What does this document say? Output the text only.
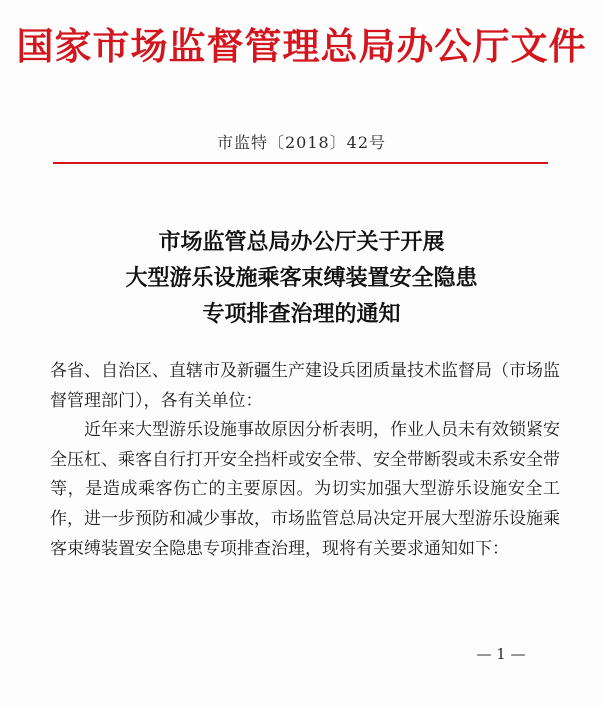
国家市场监督管理总局办公厅文件
市监特〔2018〕42号
市场监管总局办公厅关于开展
大型游乐设施乘客束缚装置安全隐患
专项排查治理的通知

各省、自治区、直辖市及新疆生产建设兵团质量技术监督局（市场监督管理部门），各有关单位：

近年来大型游乐设施事故原因分析表明，作业人员未有效锁紧安全压杠、乘客自行打开安全挡杆或安全带、安全带断裂或未系安全带等，是造成乘客伤亡的主要原因。为切实加强大型游乐设施安全工作，进一步预防和减少事故，市场监管总局决定开展大型游乐设施乘客束缚装置安全隐患专项排查治理，现将有关要求通知如下：

— 1 —
